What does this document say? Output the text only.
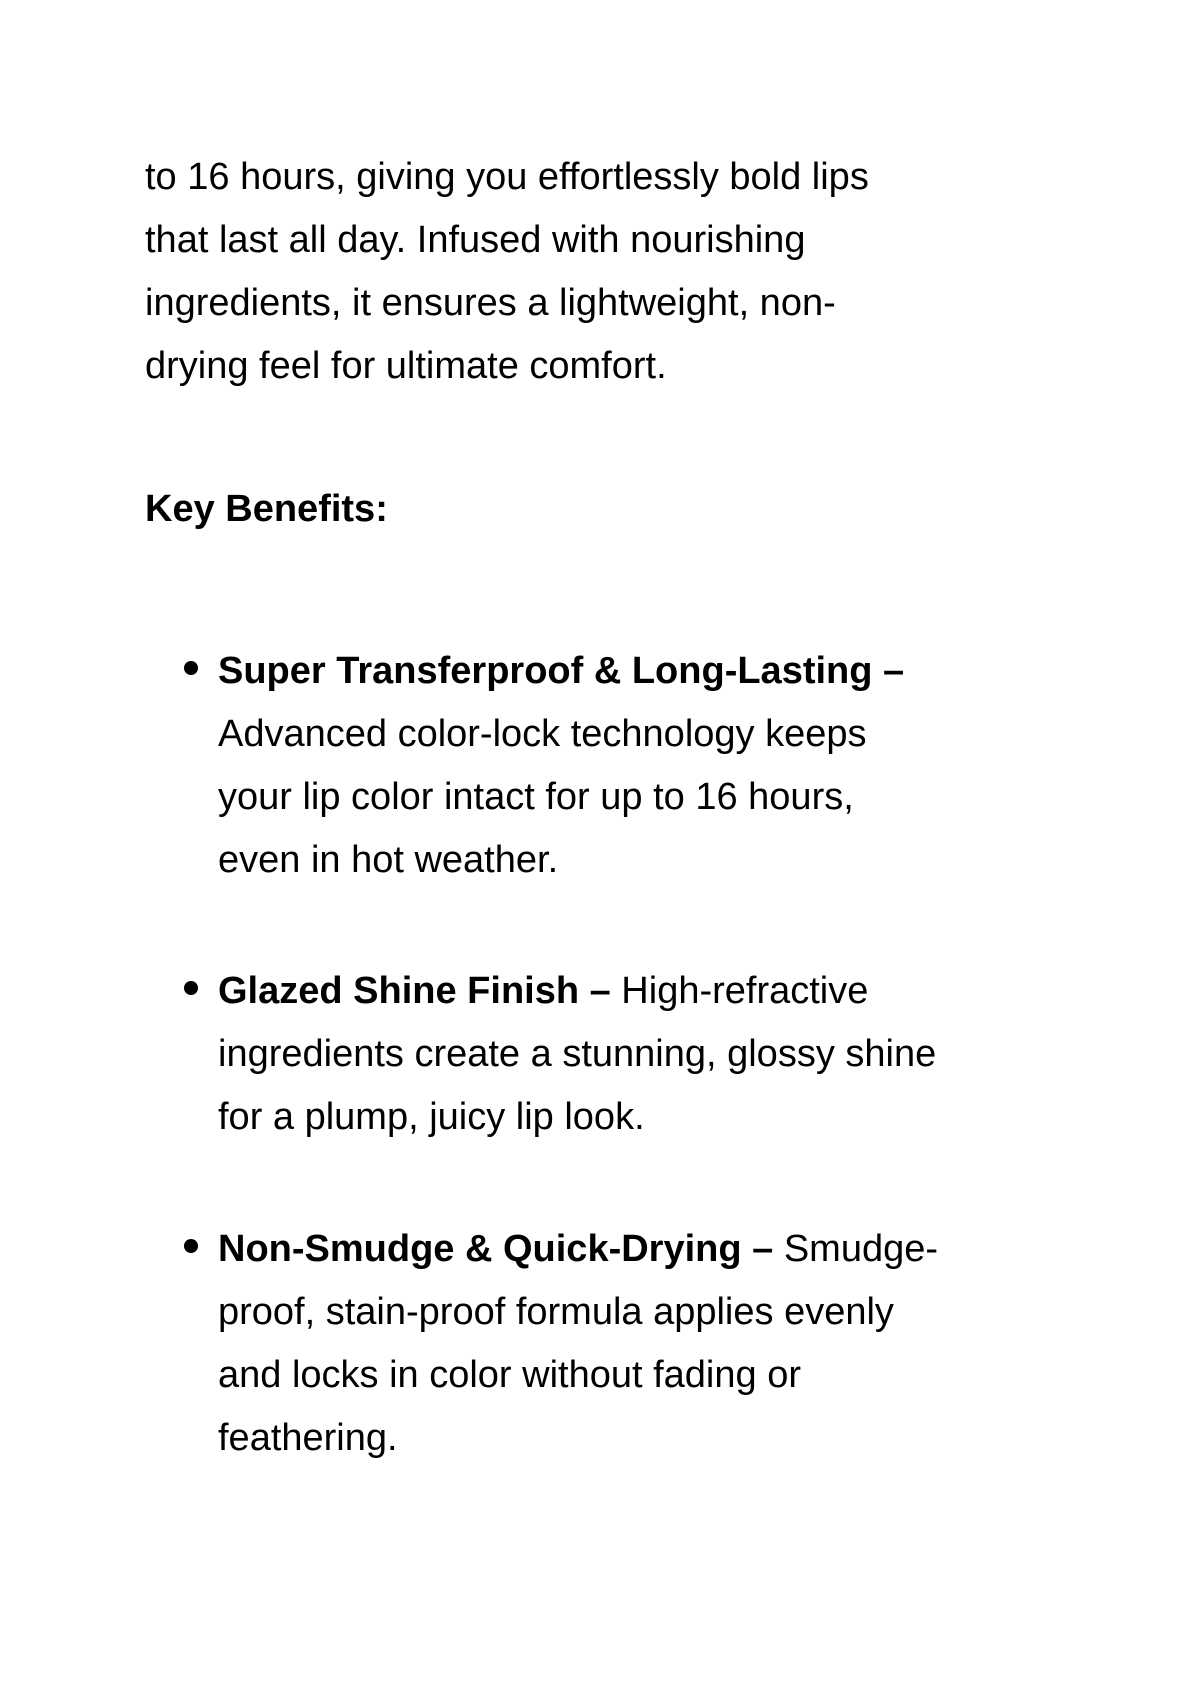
to 16 hours, giving you effortlessly bold lips
that last all day. Infused with nourishing
ingredients, it ensures a lightweight, non-
drying feel for ultimate comfort.

Key Benefits:
Super Transferproof & Long-Lasting –
Advanced color-lock technology keeps
your lip color intact for up to 16 hours,
even in hot weather.
Glazed Shine Finish – High-refractive
ingredients create a stunning, glossy shine
for a plump, juicy lip look.
Non-Smudge & Quick-Drying – Smudge-
proof, stain-proof formula applies evenly
and locks in color without fading or
feathering.
